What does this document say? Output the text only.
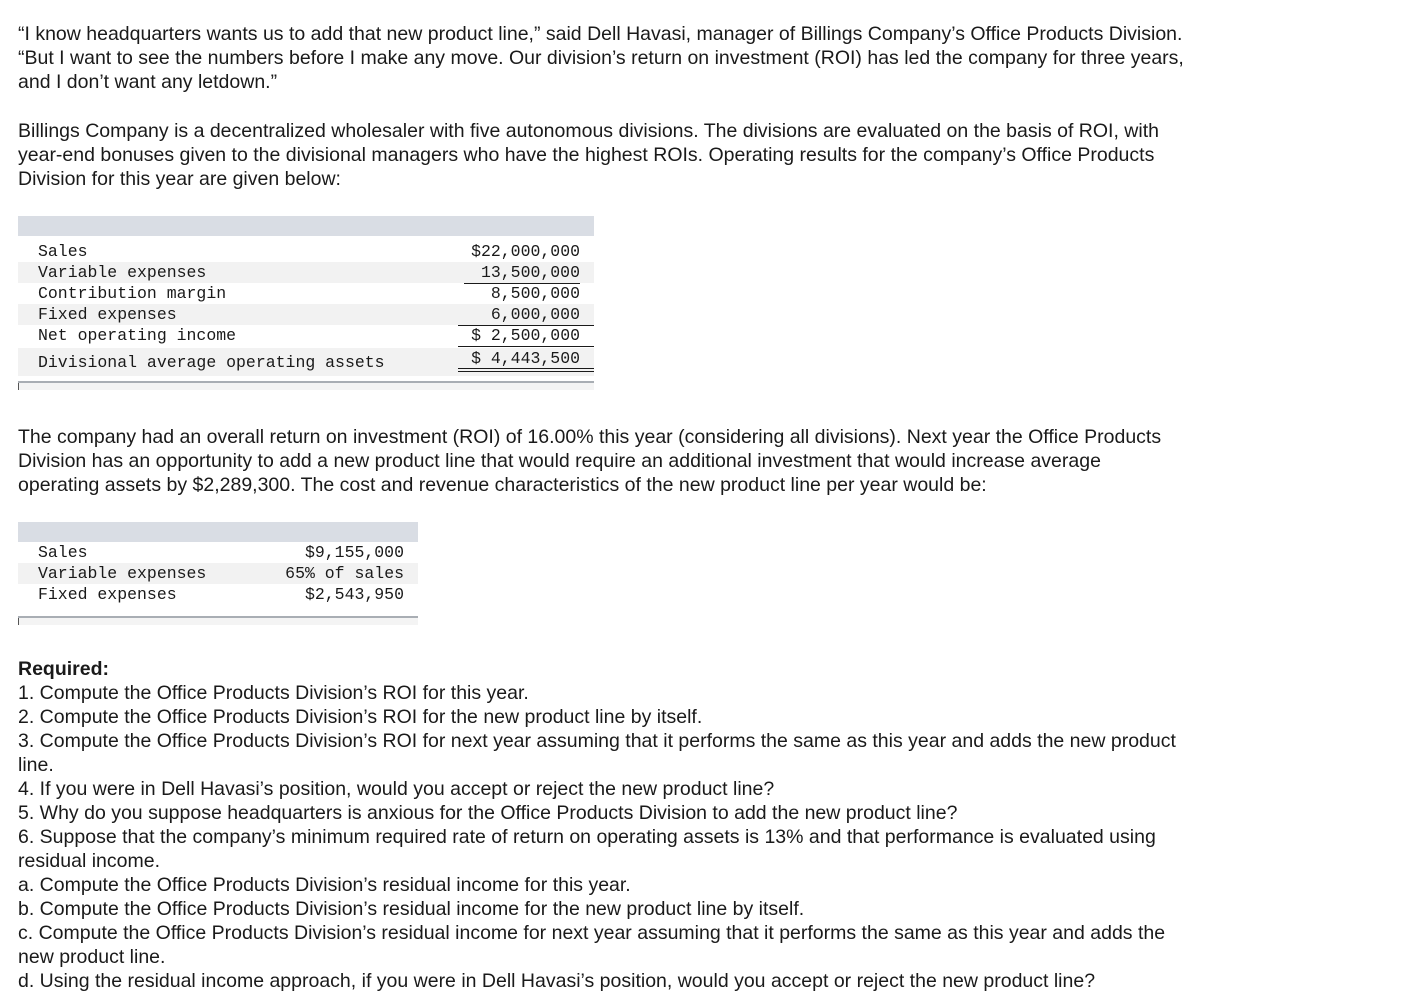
“I know headquarters wants us to add that new product line,” said Dell Havasi, manager of Billings Company’s Office Products Division.
“But I want to see the numbers before I make any move. Our division’s return on investment (ROI) has led the company for three years,
and I don’t want any letdown.”

Billings Company is a decentralized wholesaler with five autonomous divisions. The divisions are evaluated on the basis of ROI, with
year-end bonuses given to the divisional managers who have the highest ROIs. Operating results for the company’s Office Products
Division for this year are given below:

Sales	$22,000,000
Variable expenses	13,500,000
Contribution margin	8,500,000
Fixed expenses	6,000,000
Net operating income	$ 2,500,000
Divisional average operating assets	$ 4,443,500

The company had an overall return on investment (ROI) of 16.00% this year (considering all divisions). Next year the Office Products
Division has an opportunity to add a new product line that would require an additional investment that would increase average
operating assets by $2,289,300. The cost and revenue characteristics of the new product line per year would be:

Sales	$9,155,000
Variable expenses	65% of sales
Fixed expenses	$2,543,950
Required:
1. Compute the Office Products Division’s ROI for this year.
2. Compute the Office Products Division’s ROI for the new product line by itself.
3. Compute the Office Products Division’s ROI for next year assuming that it performs the same as this year and adds the new product
line.
4. If you were in Dell Havasi’s position, would you accept or reject the new product line?
5. Why do you suppose headquarters is anxious for the Office Products Division to add the new product line?
6. Suppose that the company’s minimum required rate of return on operating assets is 13% and that performance is evaluated using
residual income.
a. Compute the Office Products Division’s residual income for this year.
b. Compute the Office Products Division’s residual income for the new product line by itself.
c. Compute the Office Products Division’s residual income for next year assuming that it performs the same as this year and adds the
new product line.
d. Using the residual income approach, if you were in Dell Havasi’s position, would you accept or reject the new product line?
